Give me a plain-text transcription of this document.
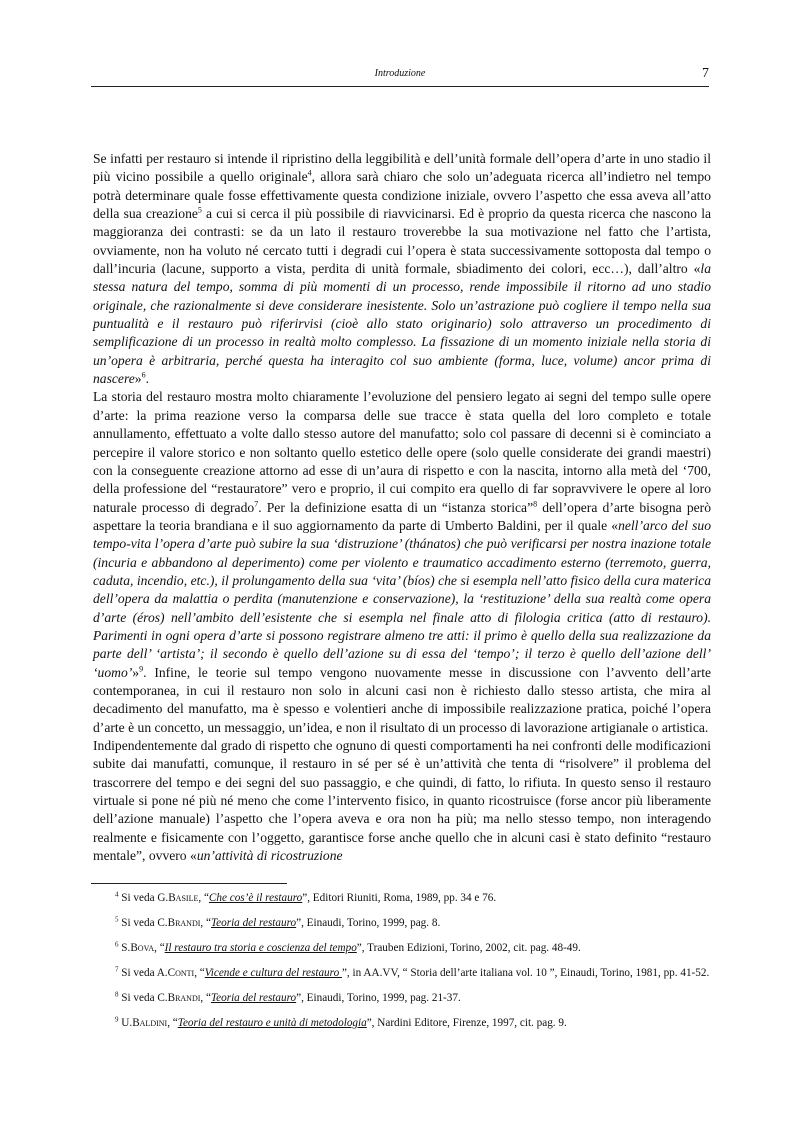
Introduzione	7

Se infatti per restauro si intende il ripristino della leggibilità e dell’unità formale dell’opera d’arte in uno stadio il più vicino possibile a quello originale$^4$, allora sarà chiaro che solo un’adeguata ricerca all’indietro nel tempo potrà determinare quale fosse effettivamente questa condizione iniziale, ovvero l’aspetto che essa aveva all’atto della sua creazione$^5$ a cui si cerca il più possibile di riavvicinarsi. Ed è proprio da questa ricerca che nascono la maggioranza dei contrasti: se da un lato il restauro troverebbe la sua motivazione nel fatto che l’artista, ovviamente, non ha voluto né cercato tutti i degradi cui l’opera è stata successivamente sottoposta dal tempo o dall’incuria (lacune, supporto a vista, perdita di unità formale, sbiadimento dei colori, ecc…), dall’altro «la stessa natura del tempo, somma di più momenti di un processo, rende impossibile il ritorno ad uno stadio originale, che razionalmente si deve considerare inesistente. Solo un’astrazione può cogliere il tempo nella sua puntualità e il restauro può riferirvisi (cioè allo stato originario) solo attraverso un procedimento di semplificazione di un processo in realtà molto complesso. La fissazione di un momento iniziale nella storia di un’opera è arbitraria, perché questa ha interagito col suo ambiente (forma, luce, volume) ancor prima di nascere»$^6$.

La storia del restauro mostra molto chiaramente l’evoluzione del pensiero legato ai segni del tempo sulle opere d’arte: la prima reazione verso la comparsa delle sue tracce è stata quella del loro completo e totale annullamento, effettuato a volte dallo stesso autore del manufatto; solo col passare di decenni si è cominciato a percepire il valore storico e non soltanto quello estetico delle opere (solo quelle considerate dei grandi maestri) con la conseguente creazione attorno ad esse di un’aura di rispetto e con la nascita, intorno alla metà del ‘700, della professione del “restauratore” vero e proprio, il cui compito era quello di far sopravvivere le opere al loro naturale processo di degrado$^7$. Per la definizione esatta di un “istanza storica”$^8$ dell’opera d’arte bisogna però aspettare la teoria brandiana e il suo aggiornamento da parte di Umberto Baldini, per il quale «nell’arco del suo tempo-vita l’opera d’arte può subire la sua ‘distruzione’ (thánatos) che può verificarsi per nostra inazione totale (incuria e abbandono al deperimento) come per violento e traumatico accadimento esterno (terremoto, guerra, caduta, incendio, etc.), il prolungamento della sua ‘vita’ (bíos) che si esempla nell’atto fisico della cura materica dell’opera da malattia o perdita (manutenzione e conservazione), la ‘restituzione’ della sua realtà come opera d’arte (éros) nell’ambito dell’esistente che si esempla nel finale atto di filologia critica (atto di restauro). Parimenti in ogni opera d’arte si possono registrare almeno tre atti: il primo è quello della sua realizzazione da parte dell’ ‘artista’; il secondo è quello dell’azione su di essa del ‘tempo’; il terzo è quello dell’azione dell’ ‘uomo’»$^9$. Infine, le teorie sul tempo vengono nuovamente messe in discussione con l’avvento dell’arte contemporanea, in cui il restauro non solo in alcuni casi non è richiesto dallo stesso artista, che mira al decadimento del manufatto, ma è spesso e volentieri anche di impossibile realizzazione pratica, poiché l’opera d’arte è un concetto, un messaggio, un’idea, e non il risultato di un processo di lavorazione artigianale o artistica.

Indipendentemente dal grado di rispetto che ognuno di questi comportamenti ha nei confronti delle modificazioni subite dai manufatti, comunque, il restauro in sé per sé è un’attività che tenta di “risolvere” il problema del trascorrere del tempo e dei segni del suo passaggio, e che quindi, di fatto, lo rifiuta. In questo senso il restauro virtuale si pone né più né meno che come l’intervento fisico, in quanto ricostruisce (forse ancor più liberamente dell’azione manuale) l’aspetto che l’opera aveva e ora non ha più; ma nello stesso tempo, non interagendo realmente e fisicamente con l’oggetto, garantisce forse anche quello che in alcuni casi è stato definito “restauro mentale”, ovvero «un’attività di ricostruzione

$^4$ Si veda G.Basile, “Che cos’è il restauro”, Editori Riuniti, Roma, 1989, pp. 34 e 76.

$^5$ Si veda C.Brandi, “Teoria del restauro”, Einaudi, Torino, 1999, pag. 8.

$^6$ S.Bova, “Il restauro tra storia e coscienza del tempo”, Trauben Edizioni, Torino, 2002, cit. pag. 48-49.

$^7$ Si veda A.Conti, “Vicende e cultura del restauro ”, in AA.VV, “ Storia dell’arte italiana vol. 10 ”, Einaudi, Torino, 1981, pp. 41-52.

$^8$ Si veda C.Brandi, “Teoria del restauro”, Einaudi, Torino, 1999, pag. 21-37.

$^9$ U.Baldini, “Teoria del restauro e unità di metodologia”, Nardini Editore, Firenze, 1997, cit. pag. 9.
